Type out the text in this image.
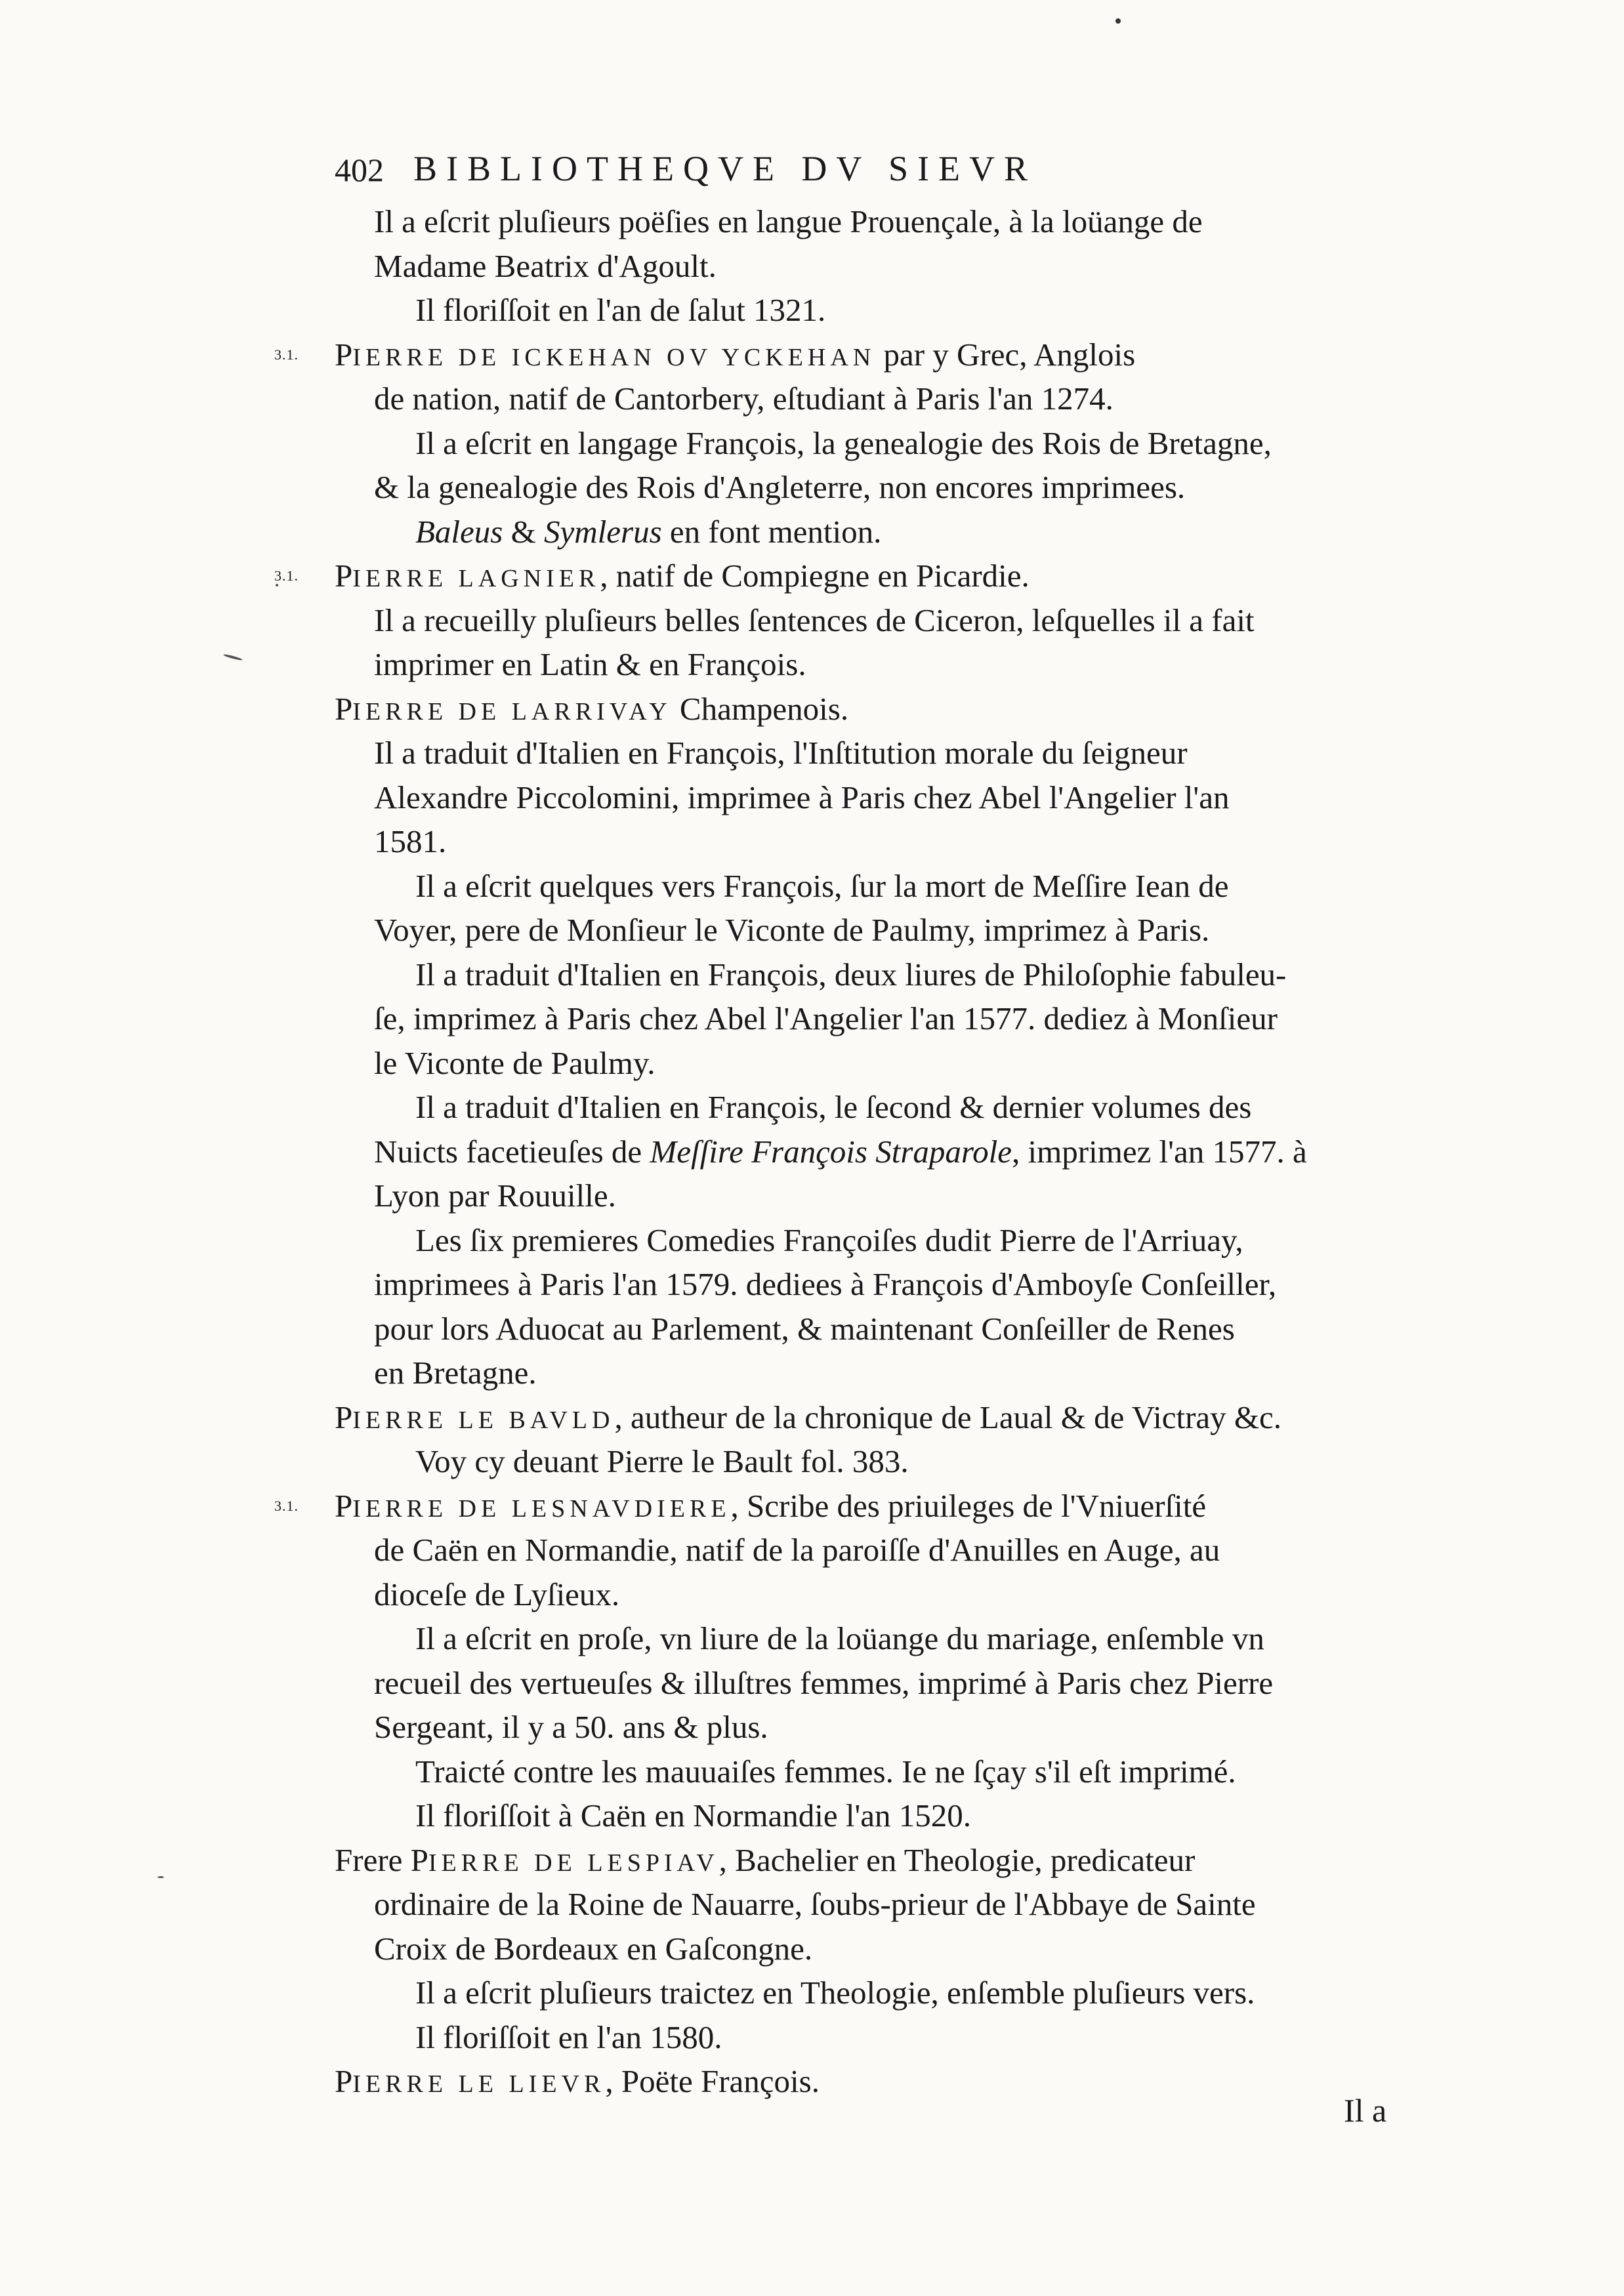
402 BIBLIOTHEQVE DV SIEVR
Il a eſcrit pluſieurs poëſies en langue Prouençale, à la loüange de
Madame Beatrix d'Agoult.
Il floriſſoit en l'an de ſalut 1321.
3.1. PIERRE DE ICKEHAN OV YCKEHAN par y Grec, Anglois
de nation, natif de Cantorbery, eſtudiant à Paris l'an 1274.
Il a eſcrit en langage François, la genealogie des Rois de Bretagne,
& la genealogie des Rois d'Angleterre, non encores imprimees.
Baleus & Symlerus en font mention.
3.1. PIERRE LAGNIER, natif de Compiegne en Picardie.
Il a recueilly pluſieurs belles ſentences de Ciceron, leſquelles il a fait
imprimer en Latin & en François.
PIERRE DE LARRIVAY Champenois.
Il a traduit d'Italien en François, l'Inſtitution morale du ſeigneur
Alexandre Piccolomini, imprimee à Paris chez Abel l'Angelier l'an
1581.
Il a eſcrit quelques vers François, ſur la mort de Meſſire Iean de
Voyer, pere de Monſieur le Viconte de Paulmy, imprimez à Paris.
Il a traduit d'Italien en François, deux liures de Philoſophie fabuleu-
ſe, imprimez à Paris chez Abel l'Angelier l'an 1577. dediez à Monſieur
le Viconte de Paulmy.
Il a traduit d'Italien en François, le ſecond & dernier volumes des
Nuicts facetieuſes de Meſſire François Straparole, imprimez l'an 1577. à
Lyon par Rouuille.
Les ſix premieres Comedies Françoiſes dudit Pierre de l'Arriuay,
imprimees à Paris l'an 1579. dediees à François d'Amboyſe Conſeiller,
pour lors Aduocat au Parlement, & maintenant Conſeiller de Renes
en Bretagne.
PIERRE LE BAVLD, autheur de la chronique de Laual & de Victray &c.
Voy cy deuant Pierre le Bault fol. 383.
3.1. PIERRE DE LESNAVDIERE, Scribe des priuileges de l'Vniuerſité
de Caën en Normandie, natif de la paroiſſe d'Anuilles en Auge, au
dioceſe de Lyſieux.
Il a eſcrit en proſe, vn liure de la loüange du mariage, enſemble vn
recueil des vertueuſes & illuſtres femmes, imprimé à Paris chez Pierre
Sergeant, il y a 50. ans & plus.
Traicté contre les mauuaiſes femmes. Ie ne ſçay s'il eſt imprimé.
Il floriſſoit à Caën en Normandie l'an 1520.
Frere PIERRE DE LESPIAV, Bachelier en Theologie, predicateur
ordinaire de la Roine de Nauarre, ſoubs-prieur de l'Abbaye de Sainte
Croix de Bordeaux en Gaſcongne.
Il a eſcrit pluſieurs traictez en Theologie, enſemble pluſieurs vers.
Il floriſſoit en l'an 1580.
PIERRE LE LIEVR, Poëte François.
Il a
